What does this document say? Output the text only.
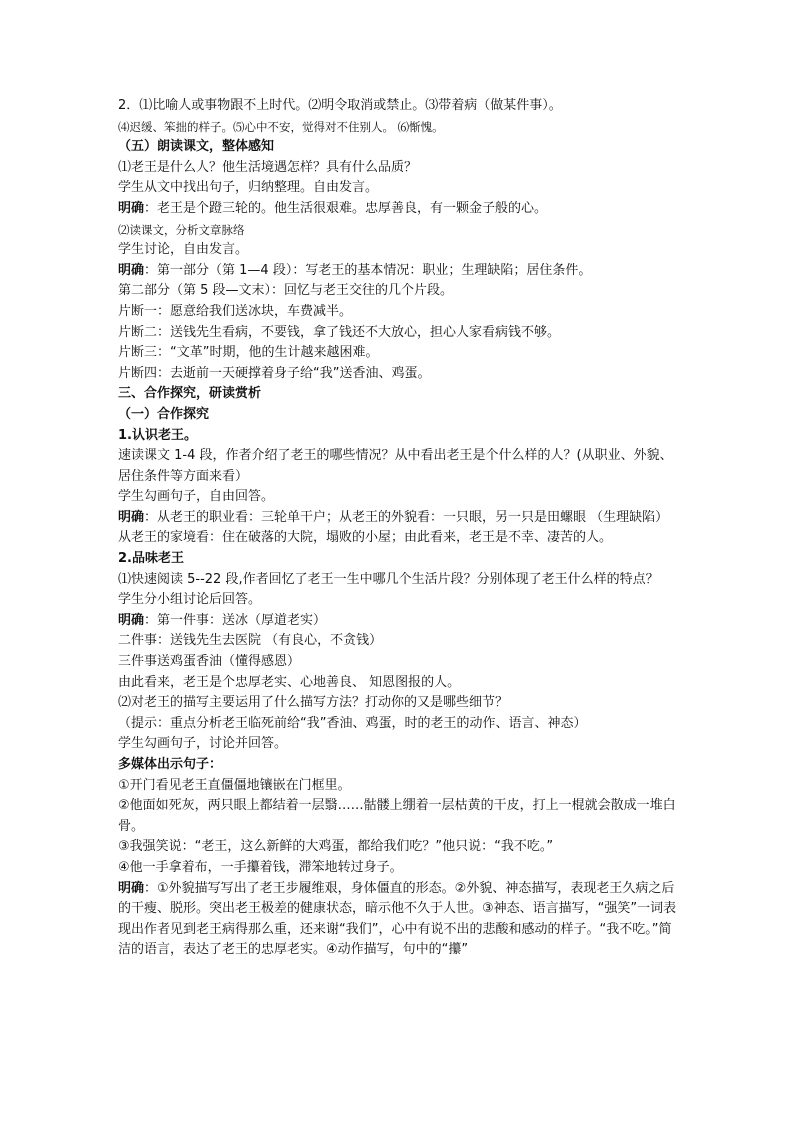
2．⑴比喻人或事物跟不上时代。⑵明令取消或禁止。⑶带着病（做某件事）。

⑷迟缓、笨拙的样子。⑸心中不安，觉得对不住别人。 ⑹惭愧。

（五）朗读课文，整体感知

⑴老王是什么人？他生活境遇怎样？具有什么品质？

学生从文中找出句子，归纳整理。自由发言。

明确：老王是个蹬三轮的。他生活很艰难。忠厚善良，有一颗金子般的心。

⑵读课文，分析文章脉络

学生讨论，自由发言。

明确：第一部分（第 1—4 段）：写老王的基本情况：职业；生理缺陷；居住条件。

第二部分（第 5 段—文末）：回忆与老王交往的几个片段。

片断一：愿意给我们送冰块，车费减半。

片断二：送钱先生看病，不要钱，拿了钱还不大放心，担心人家看病钱不够。

片断三：“文革”时期，他的生计越来越困难。

片断四：去逝前一天硬撑着身子给“我”送香油、鸡蛋。

三、合作探究，研读赏析

（一）合作探究

1.认识老王。

速读课文 1-4 段，作者介绍了老王的哪些情况？从中看出老王是个什么样的人？(从职业、外貌、居住条件等方面来看）

学生勾画句子，自由回答。

明确：从老王的职业看：三轮单干户；从老王的外貌看：一只眼，另一只是田螺眼 （生理缺陷）

从老王的家境看：住在破落的大院，塌败的小屋；由此看来，老王是不幸、凄苦的人。

2.品味老王

⑴快速阅读 5--22 段,作者回忆了老王一生中哪几个生活片段？分别体现了老王什么样的特点？

学生分小组讨论后回答。

明确：第一件事：送冰（厚道老实）

二件事：送钱先生去医院 （有良心，不贪钱）

三件事送鸡蛋香油（懂得感恩）

由此看来，老王是个忠厚老实、心地善良、 知恩图报的人。

⑵对老王的描写主要运用了什么描写方法？打动你的又是哪些细节？

（提示：重点分析老王临死前给“我”香油、鸡蛋，时的老王的动作、语言、神态）

学生勾画句子，讨论并回答。

多媒体出示句子：

①开门看见老王直僵僵地镶嵌在门框里。

②他面如死灰，两只眼上都结着一层翳……骷髅上绷着一层枯黄的干皮，打上一棍就会散成一堆白骨。

③我强笑说：“老王，这么新鲜的大鸡蛋，都给我们吃？”他只说：“我不吃。”

④他一手拿着布，一手攥着钱，滞笨地转过身子。

明确：①外貌描写写出了老王步履维艰，身体僵直的形态。②外貌、神态描写，表现老王久病之后的干瘦、脱形。突出老王极差的健康状态，暗示他不久于人世。③神态、语言描写，“强笑”一词表现出作者见到老王病得那么重，还来谢“我们”，心中有说不出的悲酸和感动的样子。“我不吃。”简洁的语言，表达了老王的忠厚老实。④动作描写，句中的“攥”
